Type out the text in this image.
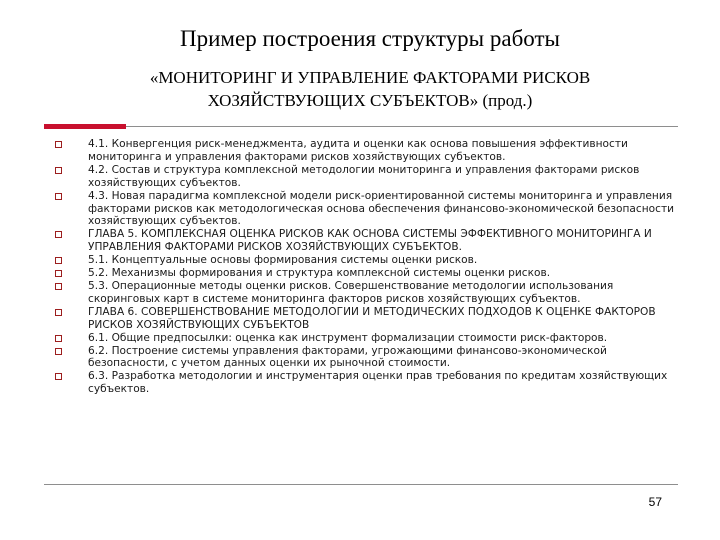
Пример построения структуры работы
«МОНИТОРИНГ И УПРАВЛЕНИЕ ФАКТОРАМИ РИСКОВ
ХОЗЯЙСТВУЮЩИХ СУБЪЕКТОВ» (прод.)
4.1. Конвергенция риск-менеджмента, аудита и оценки как основа повышения эффективности мониторинга и управления факторами рисков хозяйствующих субъектов.
4.2. Состав и структура комплексной методологии мониторинга и управления факторами рисков хозяйствующих субъектов.
4.3. Новая парадигма комплексной модели риск-ориентированной системы мониторинга и управления факторами рисков как методологическая основа обеспечения финансово-экономической безопасности хозяйствующих субъектов.
ГЛАВА 5. КОМПЛЕКСНАЯ ОЦЕНКА РИСКОВ КАК ОСНОВА СИСТЕМЫ ЭФФЕКТИВНОГО МОНИТОРИНГА И УПРАВЛЕНИЯ ФАКТОРАМИ РИСКОВ ХОЗЯЙСТВУЮЩИХ СУБЪЕКТОВ.
5.1. Концептуальные основы формирования системы оценки рисков.
5.2. Механизмы формирования и структура комплексной системы оценки рисков.
5.3. Операционные методы оценки рисков. Совершенствование методологии использования скоринговых карт в системе мониторинга факторов рисков хозяйствующих субъектов.
ГЛАВА 6. СОВЕРШЕНСТВОВАНИЕ МЕТОДОЛОГИИ И МЕТОДИЧЕСКИХ ПОДХОДОВ К ОЦЕНКЕ ФАКТОРОВ РИСКОВ ХОЗЯЙСТВУЮЩИХ СУБЪЕКТОВ
6.1. Общие предпосылки: оценка как инструмент формализации стоимости риск-факторов.
6.2. Построение системы управления факторами, угрожающими финансово-экономической безопасности, с учетом данных оценки их рыночной стоимости.
6.3. Разработка методологии и инструментария оценки прав требования по кредитам хозяйствующих субъектов.
57
